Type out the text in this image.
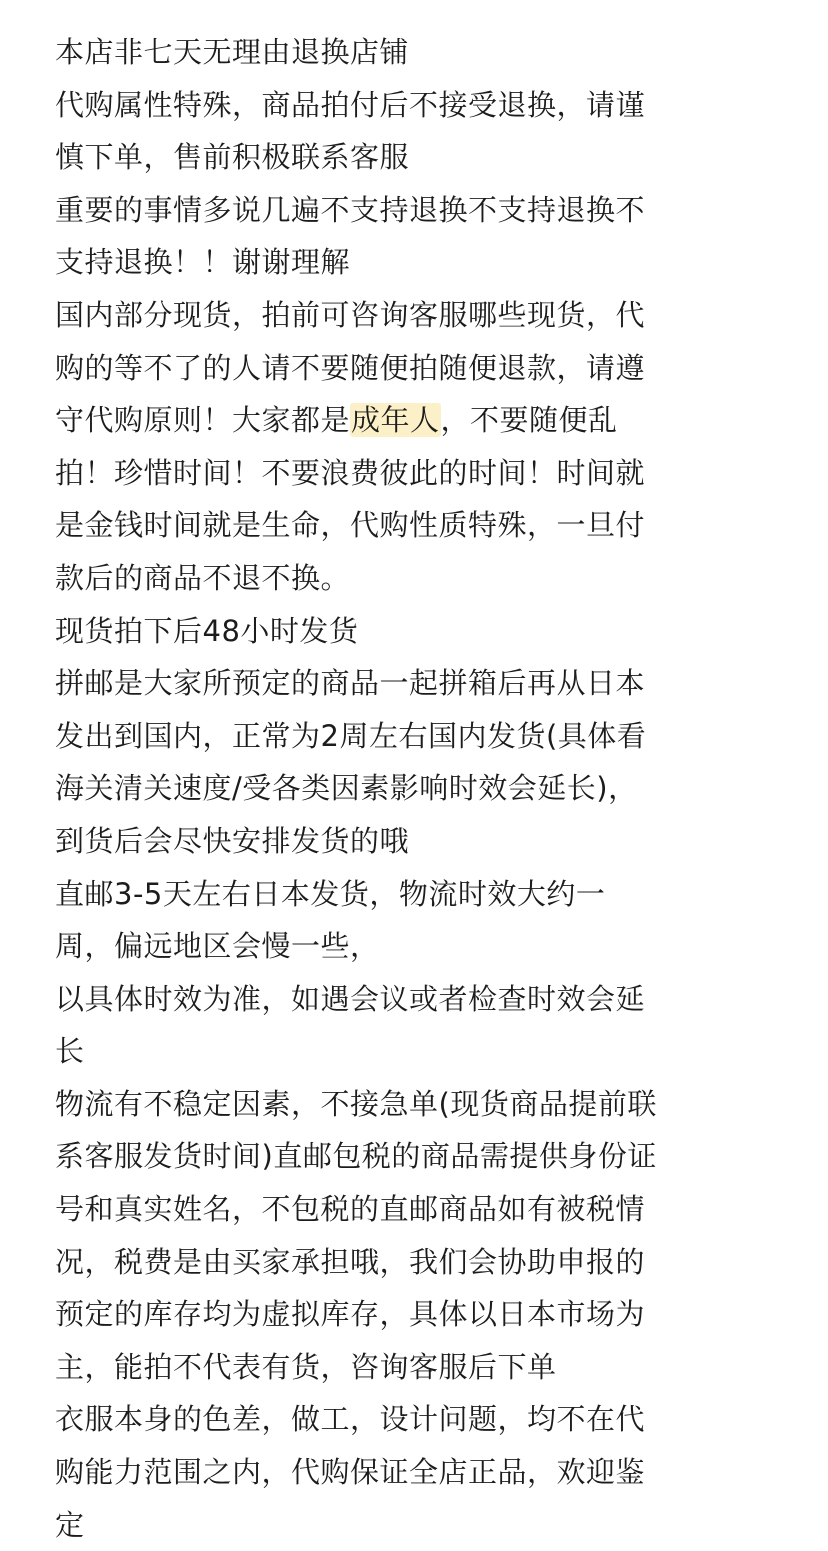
本店非七天无理由退换店铺
代购属性特殊，商品拍付后不接受退换，请谨
慎下单，售前积极联系客服
重要的事情多说几遍不支持退换不支持退换不
支持退换！！谢谢理解
国内部分现货，拍前可咨询客服哪些现货，代
购的等不了的人请不要随便拍随便退款，请遵
守代购原则！大家都是成年人，不要随便乱
拍！珍惜时间！不要浪费彼此的时间！时间就
是金钱时间就是生命，代购性质特殊，一旦付
款后的商品不退不换。
现货拍下后48小时发货
拼邮是大家所预定的商品一起拼箱后再从日本
发出到国内，正常为2周左右国内发货(具体看
海关清关速度/受各类因素影响时效会延长)，
到货后会尽快安排发货的哦
直邮3-5天左右日本发货，物流时效大约一
周，偏远地区会慢一些，
以具体时效为准，如遇会议或者检查时效会延
长
物流有不稳定因素，不接急单(现货商品提前联
系客服发货时间)直邮包税的商品需提供身份证
号和真实姓名，不包税的直邮商品如有被税情
况，税费是由买家承担哦，我们会协助申报的
预定的库存均为虚拟库存，具体以日本市场为
主，能拍不代表有货，咨询客服后下单
衣服本身的色差，做工，设计问题，均不在代
购能力范围之内，代购保证全店正品，欢迎鉴
定
